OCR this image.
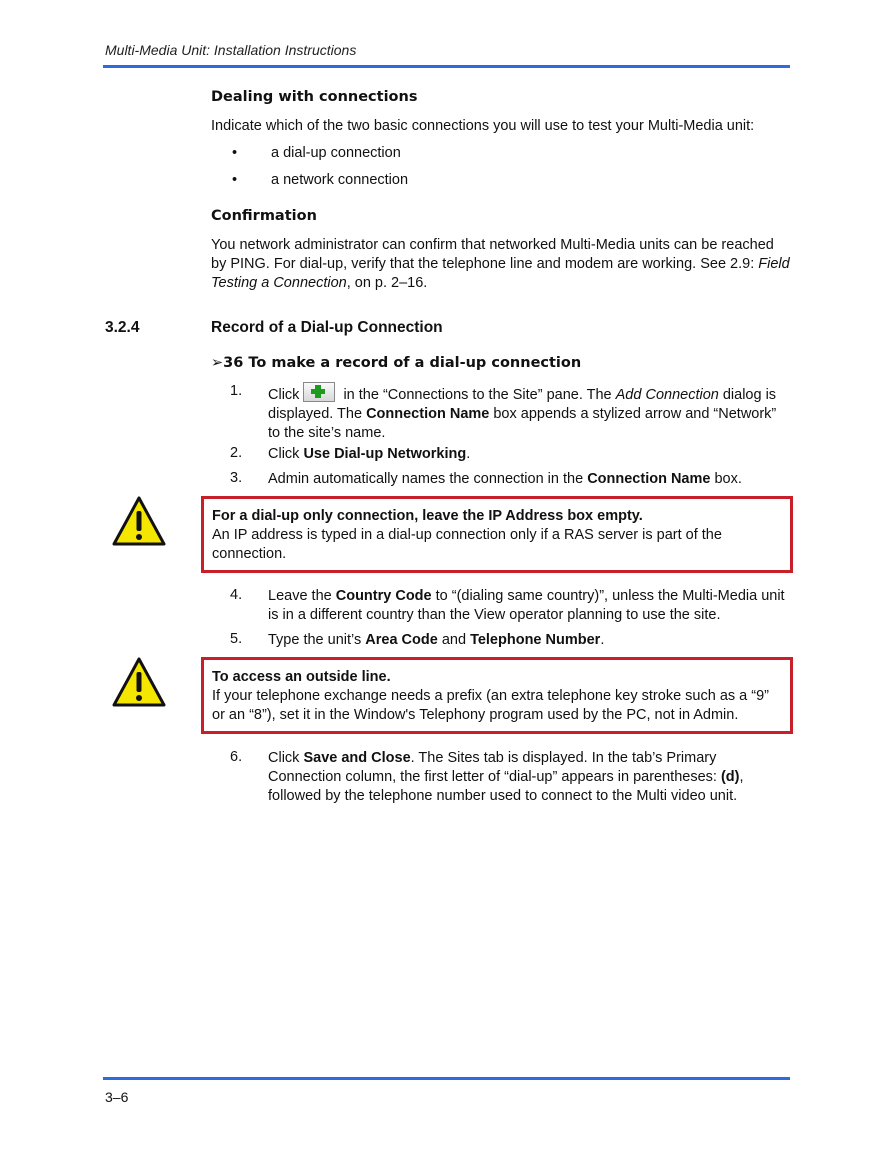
Multi-Media Unit: Installation Instructions
Dealing with connections
Indicate which of the two basic connections you will use to test your Multi-Media unit:
• a dial-up connection
• a network connection
Confirmation
You network administrator can confirm that networked Multi-Media units can be reached by PING. For dial-up, verify that the telephone line and modem are working. See 2.9: Field Testing a Connection, on p. 2–16.
3.2.4	Record of a Dial-up Connection
➢36 To make a record of a dial-up connection
1. Click	in the “Connections to the Site” pane. The Add Connection dialog is displayed. The Connection Name box appends a stylized arrow and “Network” to the site’s name.
2. Click Use Dial-up Networking.
3. Admin automatically names the connection in the Connection Name box.
For a dial-up only connection, leave the IP Address box empty.
An IP address is typed in a dial-up connection only if a RAS server is part of the connection.
4. Leave the Country Code to “(dialing same country)”, unless the Multi-Media unit is in a different country than the View operator planning to use the site.
5. Type the unit’s Area Code and Telephone Number.
To access an outside line.
If your telephone exchange needs a prefix (an extra telephone key stroke such as a “9” or an “8”), set it in the Window's Telephony program used by the PC, not in Admin.
6. Click Save and Close. The Sites tab is displayed. In the tab’s Primary Connection column, the first letter of “dial-up” appears in parentheses: (d), followed by the telephone number used to connect to the Multi video unit.
3–6
